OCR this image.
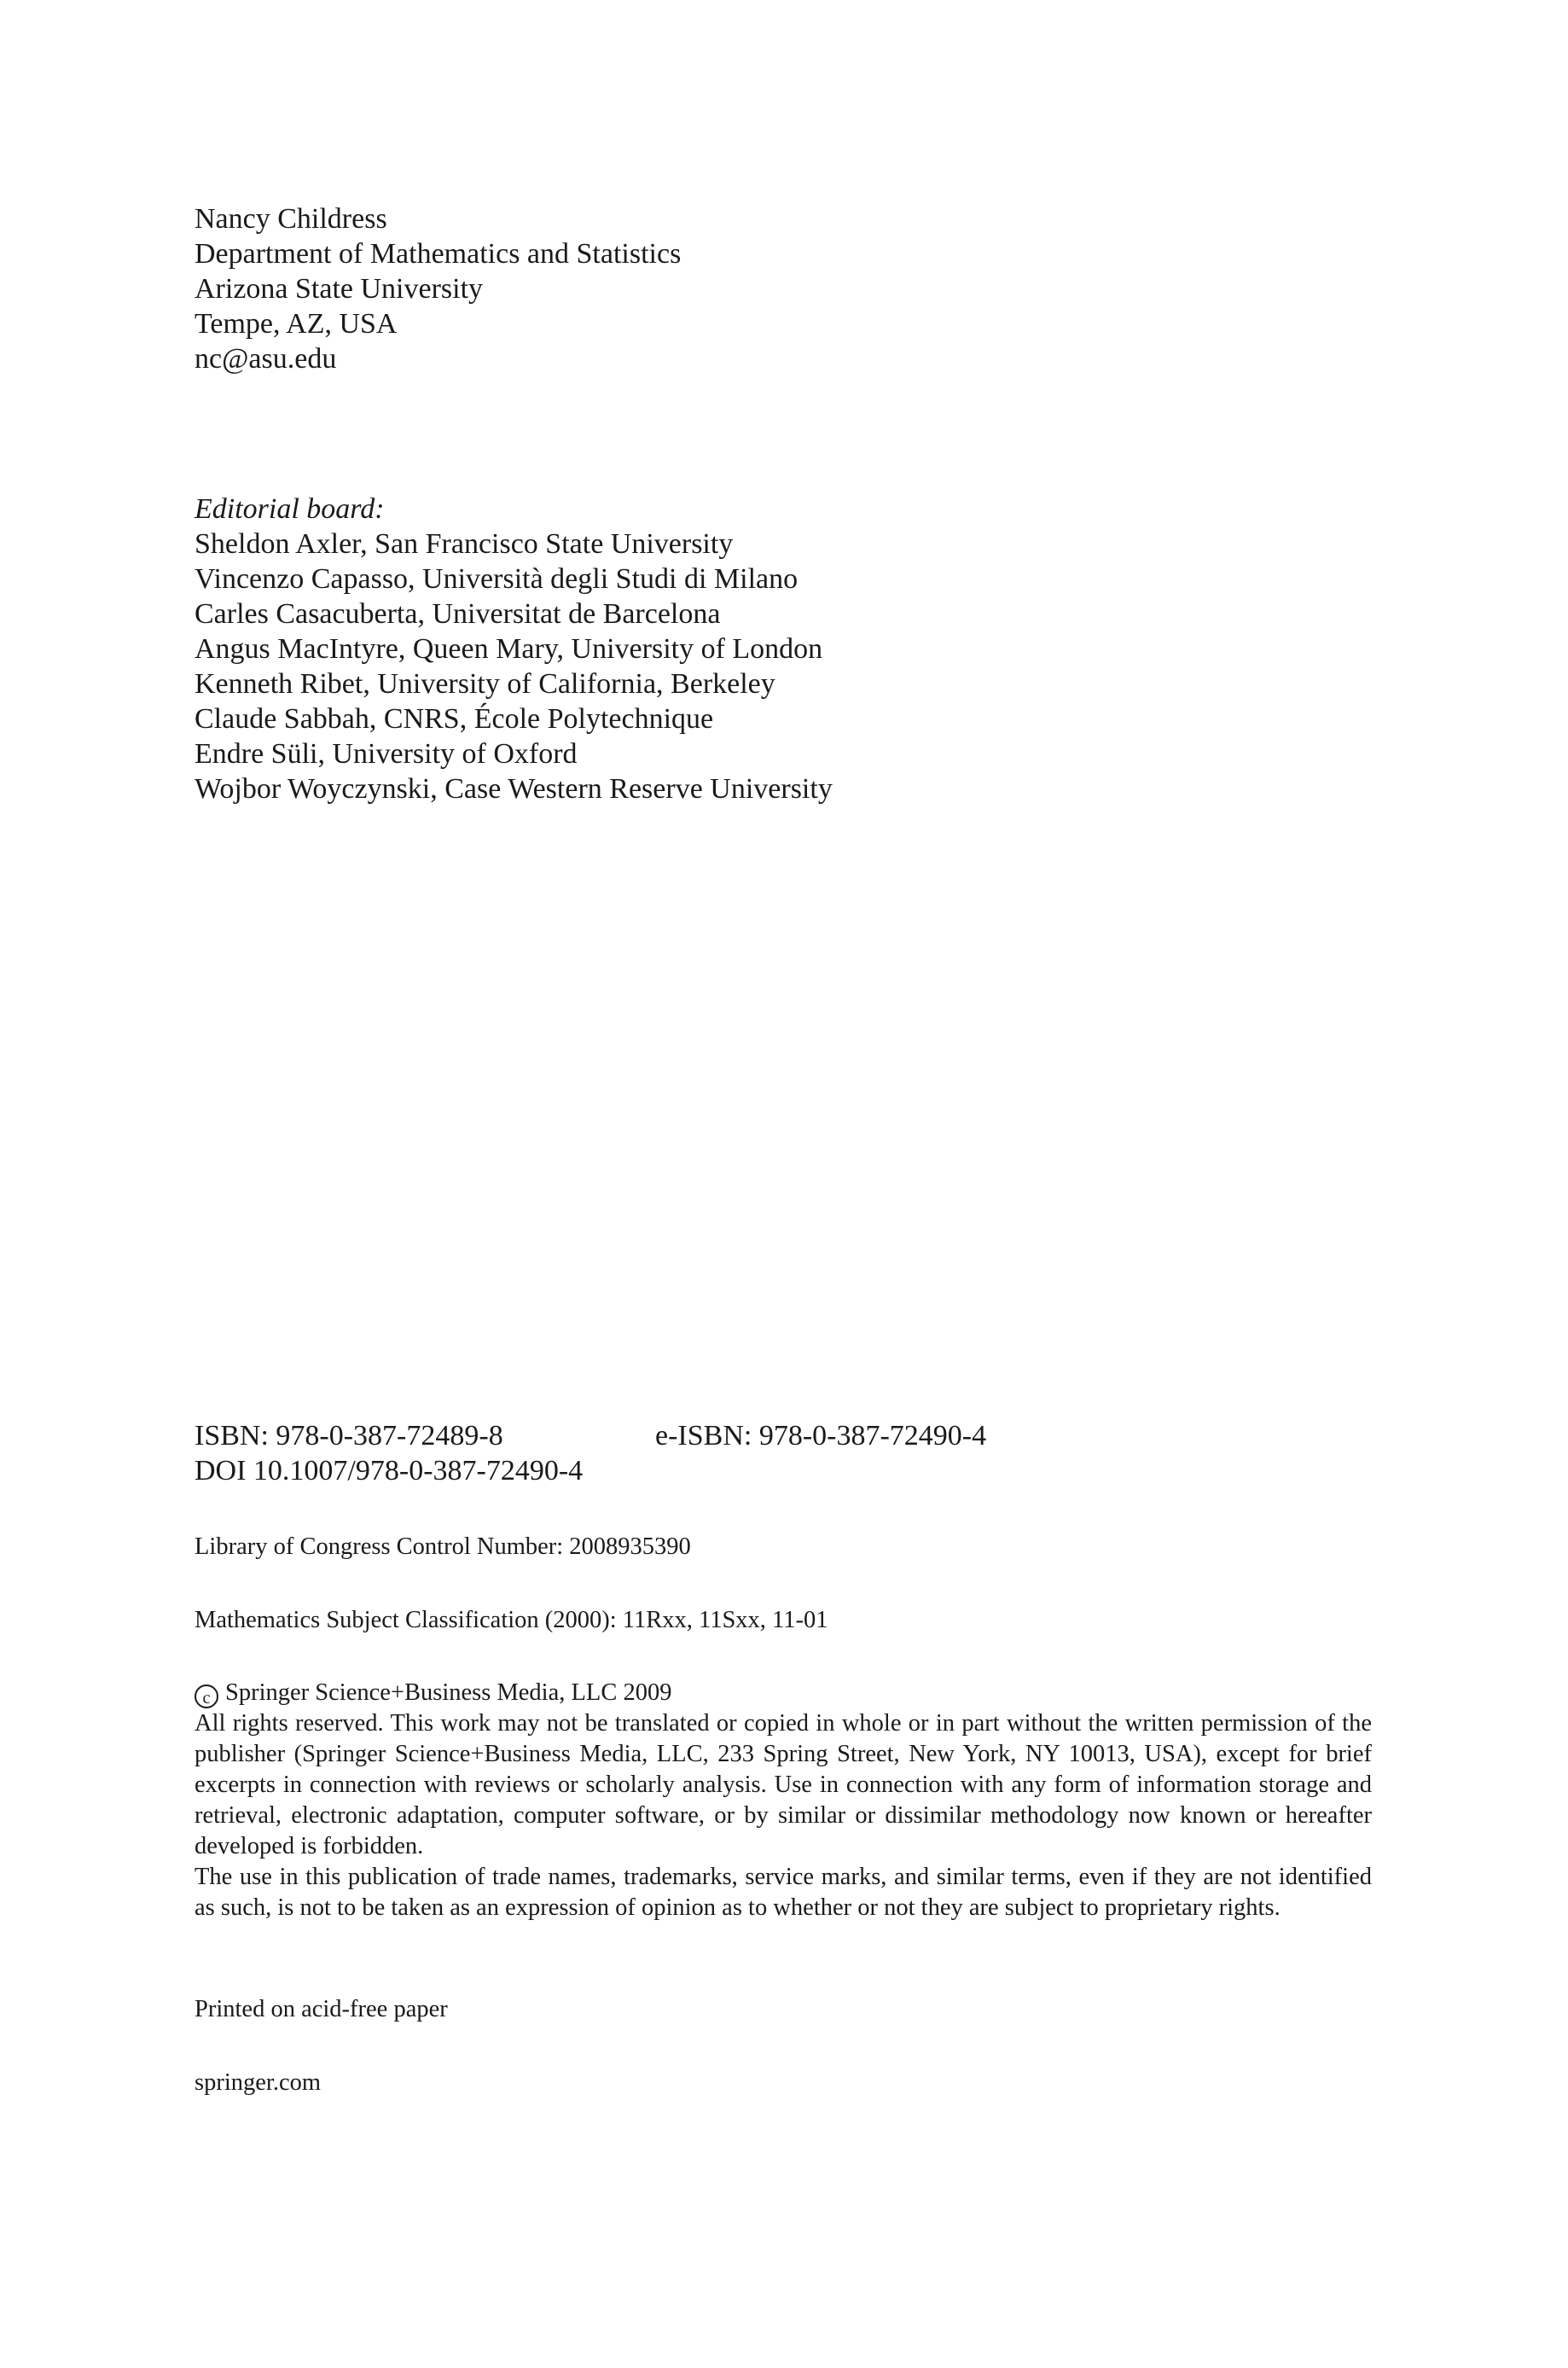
Nancy Childress
Department of Mathematics and Statistics
Arizona State University
Tempe, AZ, USA
nc@asu.edu
Editorial board:
Sheldon Axler, San Francisco State University
Vincenzo Capasso, Università degli Studi di Milano
Carles Casacuberta, Universitat de Barcelona
Angus MacIntyre, Queen Mary, University of London
Kenneth Ribet, University of California, Berkeley
Claude Sabbah, CNRS, École Polytechnique
Endre Süli, University of Oxford
Wojbor Woyczynski, Case Western Reserve University
ISBN: 978-0-387-72489-8	e-ISBN: 978-0-387-72490-4
DOI 10.1007/978-0-387-72490-4
Library of Congress Control Number: 2008935390
Mathematics Subject Classification (2000): 11Rxx, 11Sxx, 11-01
c Springer Science+Business Media, LLC 2009

All rights reserved. This work may not be translated or copied in whole or in part without the written permission of the publisher (Springer Science+Business Media, LLC, 233 Spring Street, New York, NY 10013, USA), except for brief excerpts in connection with reviews or scholarly analysis. Use in connection with any form of information storage and retrieval, electronic adaptation, computer software, or by similar or dissimilar methodology now known or hereafter developed is forbidden.

The use in this publication of trade names, trademarks, service marks, and similar terms, even if they are not identified as such, is not to be taken as an expression of opinion as to whether or not they are subject to proprietary rights.

Printed on acid-free paper
springer.com
